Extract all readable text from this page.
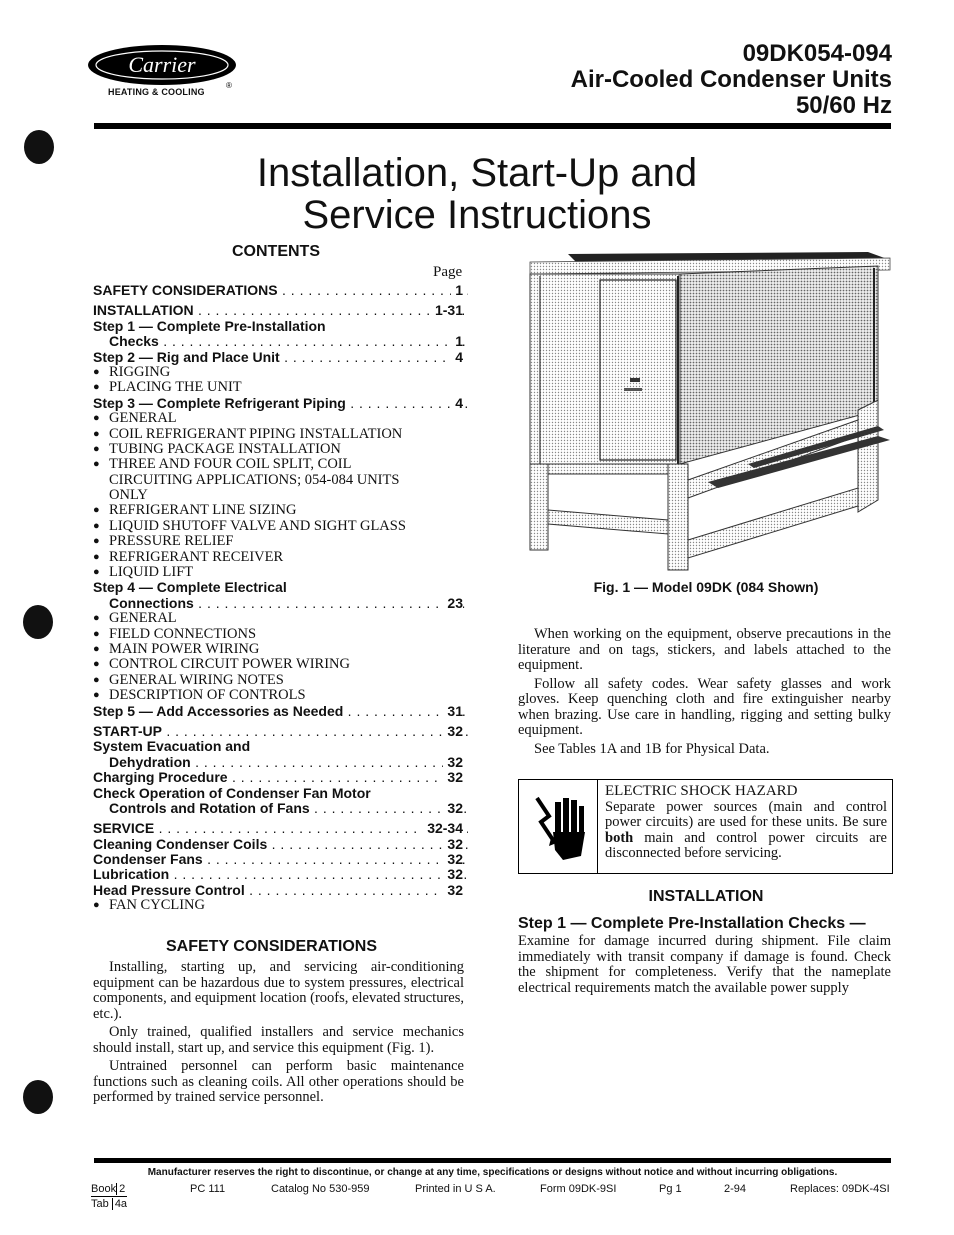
Carrier
®
HEATING & COOLING
09DK054-094
Air-Cooled Condenser Units
50/60 Hz
Installation, Start-Up and
Service Instructions
CONTENTS
Page
SAFETY CONSIDERATIONS . . .	1
INSTALLATION . . .	1-31
Step 1 — Complete Pre-Installation
Checks . . .	1
Step 2 — Rig and Place Unit . . .	4
● RIGGING
● PLACING THE UNIT
Step 3 — Complete Refrigerant Piping . . .	4
● GENERAL
● COIL REFRIGERANT PIPING INSTALLATION
● TUBING PACKAGE INSTALLATION
● THREE AND FOUR COIL SPLIT, COIL
CIRCUITING APPLICATIONS; 054-084 UNITS
ONLY
● REFRIGERANT LINE SIZING
● LIQUID SHUTOFF VALVE AND SIGHT GLASS
● PRESSURE RELIEF
● REFRIGERANT RECEIVER
● LIQUID LIFT
Step 4 — Complete Electrical
Connections . . .	23
● GENERAL
● FIELD CONNECTIONS
● MAIN POWER WIRING
● CONTROL CIRCUIT POWER WIRING
● GENERAL WIRING NOTES
● DESCRIPTION OF CONTROLS
Step 5 — Add Accessories as Needed . . .	31
START-UP . . .	32
System Evacuation and
Dehydration . . .	32
Charging Procedure . . .	32
Check Operation of Condenser Fan Motor
Controls and Rotation of Fans . . .	32
SERVICE . . .	32-34
Cleaning Condenser Coils . . .	32
Condenser Fans . . .	32
Lubrication . . .	32
Head Pressure Control . . .	32
● FAN CYCLING
SAFETY CONSIDERATIONS

Installing, starting up, and servicing air-conditioning equipment can be hazardous due to system pressures, electrical components, and equipment location (roofs, elevated structures, etc.).

Only trained, qualified installers and service mechanics should install, start up, and service this equipment (Fig. 1).

Untrained personnel can perform basic maintenance functions such as cleaning coils. All other operations should be performed by trained service personnel.

Fig. 1 — Model 09DK (084 Shown)

When working on the equipment, observe precautions in the literature and on tags, stickers, and labels attached to the equipment.

Follow all safety codes. Wear safety glasses and work gloves. Keep quenching cloth and fire extinguisher nearby when brazing. Use care in handling, rigging and setting bulky equipment.

See Tables 1A and 1B for Physical Data.

ELECTRIC SHOCK HAZARD
Separate power sources (main and control power circuits) are used for these units. Be sure both main and control power circuits are disconnected before servicing.
INSTALLATION
Step 1 — Complete Pre-Installation Checks —
Examine for damage incurred during shipment. File claim immediately with transit company if damage is found. Check the shipment for completeness. Verify that the nameplate electrical requirements match the available power supply
Manufacturer reserves the right to discontinue, or change at any time, specifications or designs without notice and without incurring obligations.
Book 2
Tab 4a
PC 111	Catalog No 530-959	Printed in U S A.	Form 09DK-9SI	Pg 1	2-94	Replaces: 09DK-4SI
